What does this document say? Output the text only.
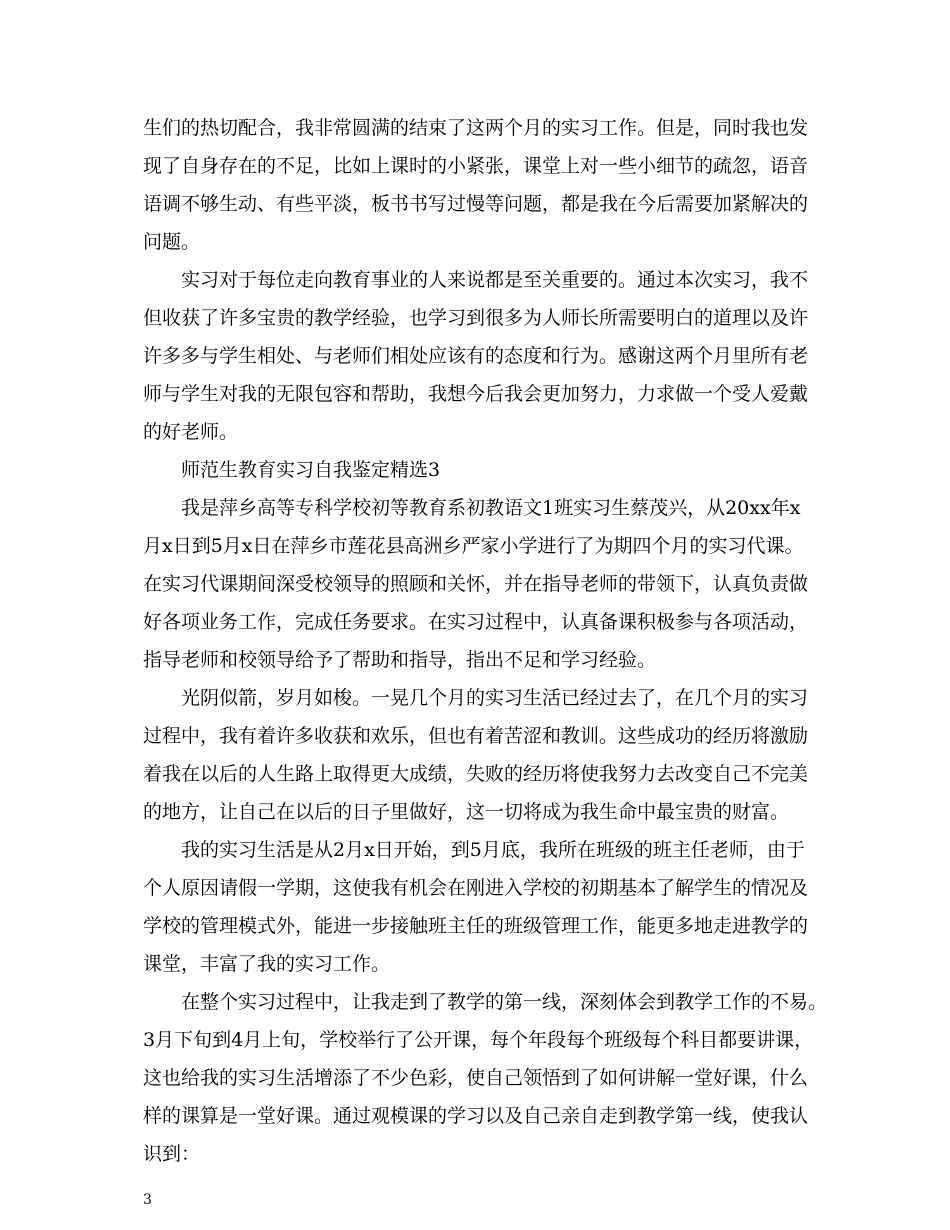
生们的热切配合，我非常圆满的结束了这两个月的实习工作。但是，同时我也发
现了自身存在的不足，比如上课时的小紧张，课堂上对一些小细节的疏忽，语音
语调不够生动、有些平淡，板书书写过慢等问题，都是我在今后需要加紧解决的
问题。
实习对于每位走向教育事业的人来说都是至关重要的。通过本次实习，我不
但收获了许多宝贵的教学经验，也学习到很多为人师长所需要明白的道理以及许
许多多与学生相处、与老师们相处应该有的态度和行为。感谢这两个月里所有老
师与学生对我的无限包容和帮助，我想今后我会更加努力，力求做一个受人爱戴
的好老师。
师范生教育实习自我鉴定精选3
我是萍乡高等专科学校初等教育系初教语文1班实习生蔡茂兴，从20xx年x
月x日到5月x日在萍乡市莲花县高洲乡严家小学进行了为期四个月的实习代课。
在实习代课期间深受校领导的照顾和关怀，并在指导老师的带领下，认真负责做
好各项业务工作，完成任务要求。在实习过程中，认真备课积极参与各项活动，
指导老师和校领导给予了帮助和指导，指出不足和学习经验。
光阴似箭，岁月如梭。一晃几个月的实习生活已经过去了，在几个月的实习
过程中，我有着许多收获和欢乐，但也有着苦涩和教训。这些成功的经历将激励
着我在以后的人生路上取得更大成绩，失败的经历将使我努力去改变自己不完美
的地方，让自己在以后的日子里做好，这一切将成为我生命中最宝贵的财富。
我的实习生活是从2月x日开始，到5月底，我所在班级的班主任老师，由于
个人原因请假一学期，这使我有机会在刚进入学校的初期基本了解学生的情况及
学校的管理模式外，能进一步接触班主任的班级管理工作，能更多地走进教学的
课堂，丰富了我的实习工作。
在整个实习过程中，让我走到了教学的第一线，深刻体会到教学工作的不易。
3月下旬到4月上旬，学校举行了公开课，每个年段每个班级每个科目都要讲课，
这也给我的实习生活增添了不少色彩，使自己领悟到了如何讲解一堂好课，什么
样的课算是一堂好课。通过观模课的学习以及自己亲自走到教学第一线，使我认
识到：
3
